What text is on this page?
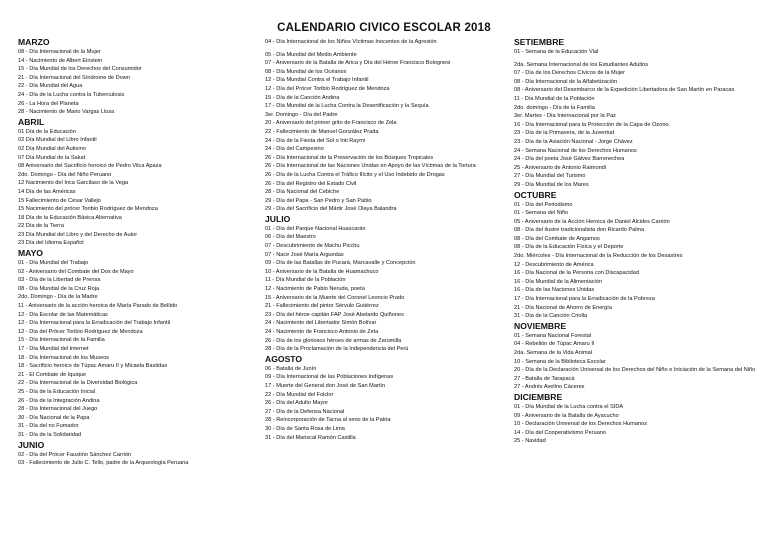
CALENDARIO CIVICO ESCOLAR 2018
MARZO
08 - Día Internacional de la Mujer
14 - Nacimiento de Albert Einstein
15 - Día Mundial de los Derechos del Consumidor
21 - Día Internacional del Síndrome de Down
22 - Día Mundial del Agua
24 - Día de la Lucha contra la Tuberculosis
26 - La Hora del Planeta
28 - Nacimiento de Mario Vargas Llosa
ABRIL
01 Día de la Educación
02 Día Mundial del Libro Infantil
02 Día Mundial del Autismo
07 Día Mundial de la Salud
08 Aniversario del Sacrificio heroico de Pedro Vilca Apaza
2do. Domingo - Día del Niño Peruano
12 Nacimiento del Inca Garcilaso de la Vega
14 Día de las Américas
15 Fallecimiento de César Vallejo
15 Nacimiento del prócer Toribio Rodríguez de Mendoza
18 Día de la Educación Básica Alternativa
22 Día de la Tierra
23 Día Mundial del Libro y del Derecho de Autor
23 Día del Idioma Español
MAYO
01 - Día Mundial del Trabajo
02 - Aniversario del Combate del Dos de Mayo
03 - Día de la Libertad de Prensa
08 - Día Mundial de la Cruz Roja
2do. Domingo - Día de la Madre
11 - Aniversario de la acción heroica de María Parado de Bellido
12 - Día Escolar de las Matemáticas
12 - Día Internacional para la Erradicación del Trabajo Infantil
12 - Día del Prócer Toribio Rodríguez de Mendoza
15 - Día Internacional de la Familia
17 - Día Mundial del Internet
18 - Día Internacional de los Museos
18 - Sacrificio heroico de Túpac Amaru II y Micaela Bastidas
21 - El Combate de Iquique
22 - Día Internacional de la Diversidad Biológica
25 - Día de la Educación Inicial
26 - Día de la Integración Andina
28 - Día Internacional del Juego
30 - Día Nacional de la Papa
31 - Día del no Fumador
31 - Día de la Solidaridad
JUNIO
02 - Día del Prócer Faustino Sánchez Carrión
03 - Fallecimiento de Julio C. Tello, padre de la Arqueología Peruana
04 - Día Internacional de los Niños Víctimas Inocentes de la Agresión
05 - Día Mundial del Medio Ambiente
07 - Aniversario de la Batalla de Arica y Día del Héroe Francisco Bolognesi
08 - Día Mundial de los Océanos
12 - Día Mundial Contra el Trabajo Infantil
12 - Día del Prócer Toribio Rodríguez de Mendoza
15 - Día de la Canción Andina
17 - Día Mundial de la Lucha Contra la Desertificación y la Sequía
3er. Domingo - Día del Padre
20 - Aniversario del primer grito de Francisco de Zela
22 - Fallecimiento de Manuel González Prada
24 - Día de la Fiesta del Sol o Inti Raymi
24 - Día del Campesino
26 - Día Internacional de la Preservación de los Bosques Tropicales
26 - Día Internacional de las Naciones Unidas en Apoyo de las Víctimas de la Tortura
26 - Día de la Lucha Contra el Tráfico Ilícito y el Uso Indebido de Drogas
26 - Día del Registro del Estado Civil
28 - Día Nacional del Cebiche
29 - Día del Papa - San Pedro y San Pablo
29 - Día del Sacrificio del Mártir José Olaya Balandra
JULIO
01 - Día del Parque Nacional Huascarán
06 - Día del Maestro
07 - Descubrimiento de Machu Picchu
07 - Nace José María Arguedas
09 - Día de las Batallas de Pucará, Marcavalle y Concepción
10 - Aniversario de la Batalla de Huamachuco
11 - Día Mundial de la Población
12 - Nacimiento de Pablo Neruda, poeta
15 - Aniversario de la Muerte del Coronel Leoncio Prado
21 - Fallecimiento del pintor Sérvulo Gutiérrez
23 - Día del héroe capitán FAP José Abelardo Quiñones
24 - Nacimiento del Libertador Simón Bolívar
24 - Nacimiento de Francisco Antonio de Zela
26 - Día de los gloriosos héroes de armas de Zarumilla
28 - Día de la Proclamación de la Independencia del Perú
AGOSTO
06 - Batalla de Junín
09 - Día Internacional de las Poblaciones Indígenas
17 - Muerte del General don José de San Martín
22 - Día Mundial del Folclor
26 - Día del Adulto Mayor
27 - Día de la Defensa Nacional
28 - Reincorporación de Tacna al seno de la Patria
30 - Día de Santa Rosa de Lima
31 - Día del Mariscal Ramón Castilla
SETIEMBRE
01 - Semana de la Educación Vial
2da. Semana Internacional de los Estudiantes Adultos
07 - Día de los Derechos Cívicos de la Mujer
08 - Día Internacional de la Alfabetización
08 - Aniversario del Desembarco de la Expedición Libertadora de San Martín en Paracas
11 - Día Mundial de la Población
2do. domingo - Día de la Familia
3er. Martes - Día Internacional por la Paz
16 - Día Internacional para la Protección de la Capa de Ozono.
23 - Día de la Primavera, de la Juventud
23 - Día de la Aviación Nacional - Jorge Chávez
24 - Semana Nacional de los Derechos Humanos
24 - Día del poeta José Gálvez Barrenechea
25 - Aniversario de Antonio Raimondi
27 - Día Mundial del Turismo
29 - Día Mundial de los Mares
OCTUBRE
01 - Día del Periodismo
01 - Semana del Niño
05 - Aniversario de la Acción Heroica de Daniel Alcides Carrión
08 - Día del ilustre tradicionalista don Ricardo Palma
08 - Día del Combate de Angamos
08 - Día de la Educación Física y el Deporte
2do. Miércoles - Día Internacional de la Reducción de los Desastres
12 - Descubrimiento de América
16 - Día Nacional de la Persona con Discapacidad
16 - Día Mundial de la Alimentación
16 - Día de las Naciones Unidas
17 - Día Internacional para la Erradicación de la Pobreza
21 - Día Nacional de Ahorro de Energía
31 - Día de la Canción Criolla
NOVIEMBRE
01 - Semana Nacional Forestal
04 - Rebelión de Túpac Amaru II
2da. Semana de la Vida Animal
10 - Semana de la Biblioteca Escolar
20 - Día de la Declaración Universal de los Derechos del Niño e Iniciación de la Semana del Niño
27 - Batalla de Tarapacá
27 - Andrés Avelino Cáceres
DICIEMBRE
01 - Día Mundial de la Lucha contra el SIDA
09 - Aniversario de la Batalla de Ayacucho
10 - Declaración Universal de los Derechos Humanos
14 - Día del Cooperativismo Peruano
25 - Navidad
